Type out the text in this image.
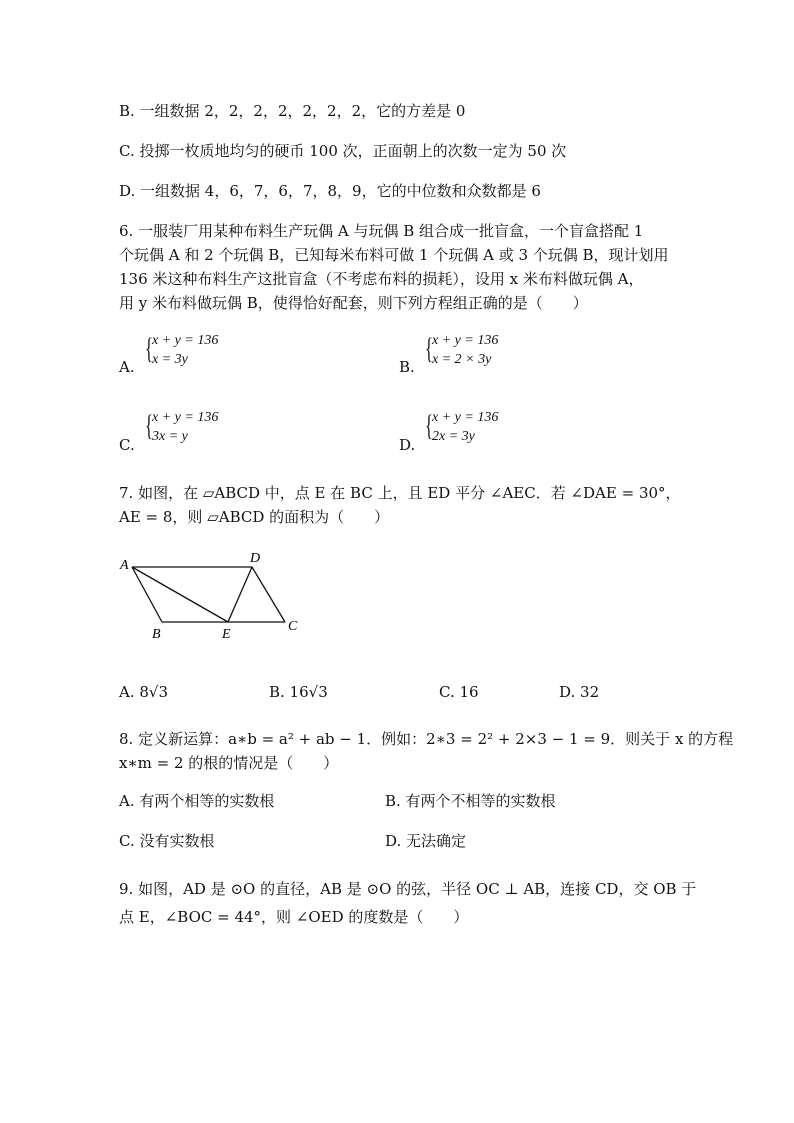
B. 一组数据 2，2，2，2，2，2，2，它的方差是 0
C. 投掷一枚质地均匀的硬币 100 次，正面朝上的次数一定为 50 次
D. 一组数据 4，6，7，6，7，8，9，它的中位数和众数都是 6
6. 一服装厂用某种布料生产玩偶 A 与玩偶 B 组合成一批盲盒，一个盲盒搭配 1
个玩偶 A 和 2 个玩偶 B，已知每米布料可做 1 个玩偶 A 或 3 个玩偶 B，现计划用
136 米这种布料生产这批盲盒（不考虑布料的损耗），设用 x 米布料做玩偶 A，
用 y 米布料做玩偶 B，使得恰好配套，则下列方程组正确的是（　　）
A.
{ x + y = 136
x = 3y	B.
{ x + y = 136
x = 2 × 3y
C.
{ x + y = 136
3x = y	D.
{ x + y = 136
2x = 3y
7. 如图，在 ▱ABCD 中，点 E 在 BC 上，且 ED 平分 ∠AEC．若 ∠DAE = 30°，
AE = 8，则 ▱ABCD 的面积为（　　）
A
B
C
D
E
A. 8√3	B. 16√3	C. 16	D. 32
8. 定义新运算：a∗b = a² + ab − 1．例如：2∗3 = 2² + 2×3 − 1 = 9．则关于 x 的方程
x∗m = 2 的根的情况是（　　）
A. 有两个相等的实数根	B. 有两个不相等的实数根
C. 没有实数根	D. 无法确定
9. 如图，AD 是 ⊙O 的直径，AB 是 ⊙O 的弦，半径 OC ⊥ AB，连接 CD，交 OB 于
点 E，∠BOC = 44°，则 ∠OED 的度数是（　　）
